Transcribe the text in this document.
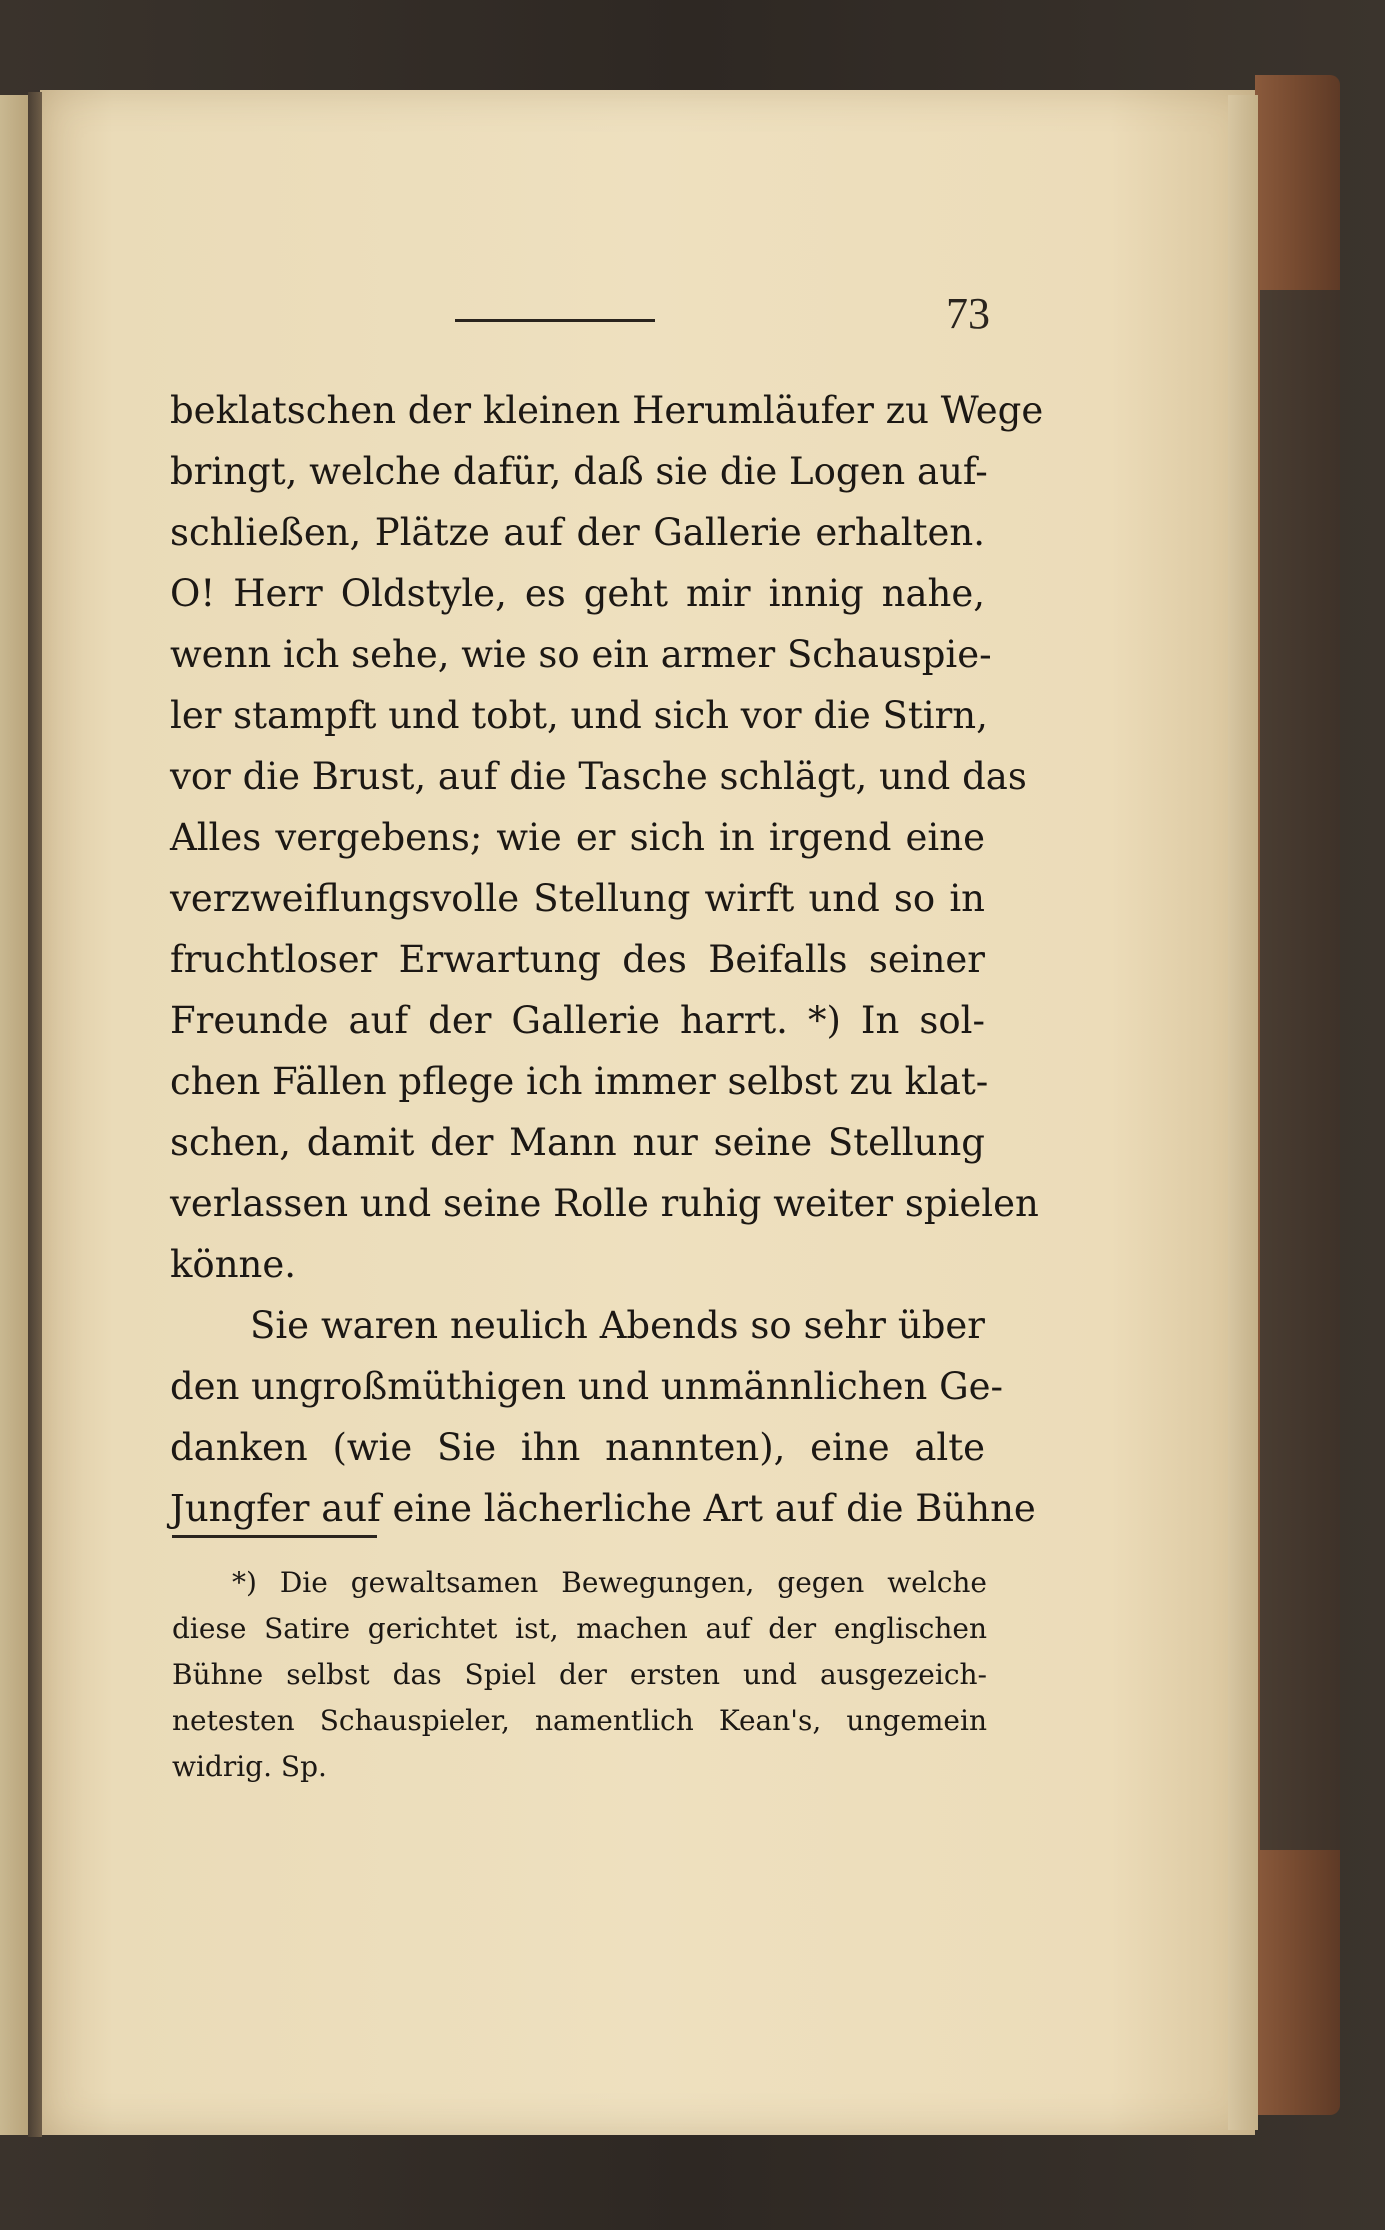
73
beklatschen der kleinen Herumläufer zu Wege
bringt, welche dafür, daß sie die Logen auf-
schließen, Plätze auf der Gallerie erhalten.
O! Herr Oldstyle, es geht mir innig nahe,
wenn ich sehe, wie so ein armer Schauspie-
ler stampft und tobt, und sich vor die Stirn,
vor die Brust, auf die Tasche schlägt, und das
Alles vergebens; wie er sich in irgend eine
verzweiflungsvolle Stellung wirft und so in
fruchtloser Erwartung des Beifalls seiner
Freunde auf der Gallerie harrt. *) In sol-
chen Fällen pflege ich immer selbst zu klat-
schen, damit der Mann nur seine Stellung
verlassen und seine Rolle ruhig weiter spielen
könne.
Sie waren neulich Abends so sehr über
den ungroßmüthigen und unmännlichen Ge-
danken (wie Sie ihn nannten), eine alte
Jungfer auf eine lächerliche Art auf die Bühne
*) Die gewaltsamen Bewegungen, gegen welche
diese Satire gerichtet ist, machen auf der englischen
Bühne selbst das Spiel der ersten und ausgezeich-
netesten Schauspieler, namentlich Kean's, ungemein
widrig. Sp.
